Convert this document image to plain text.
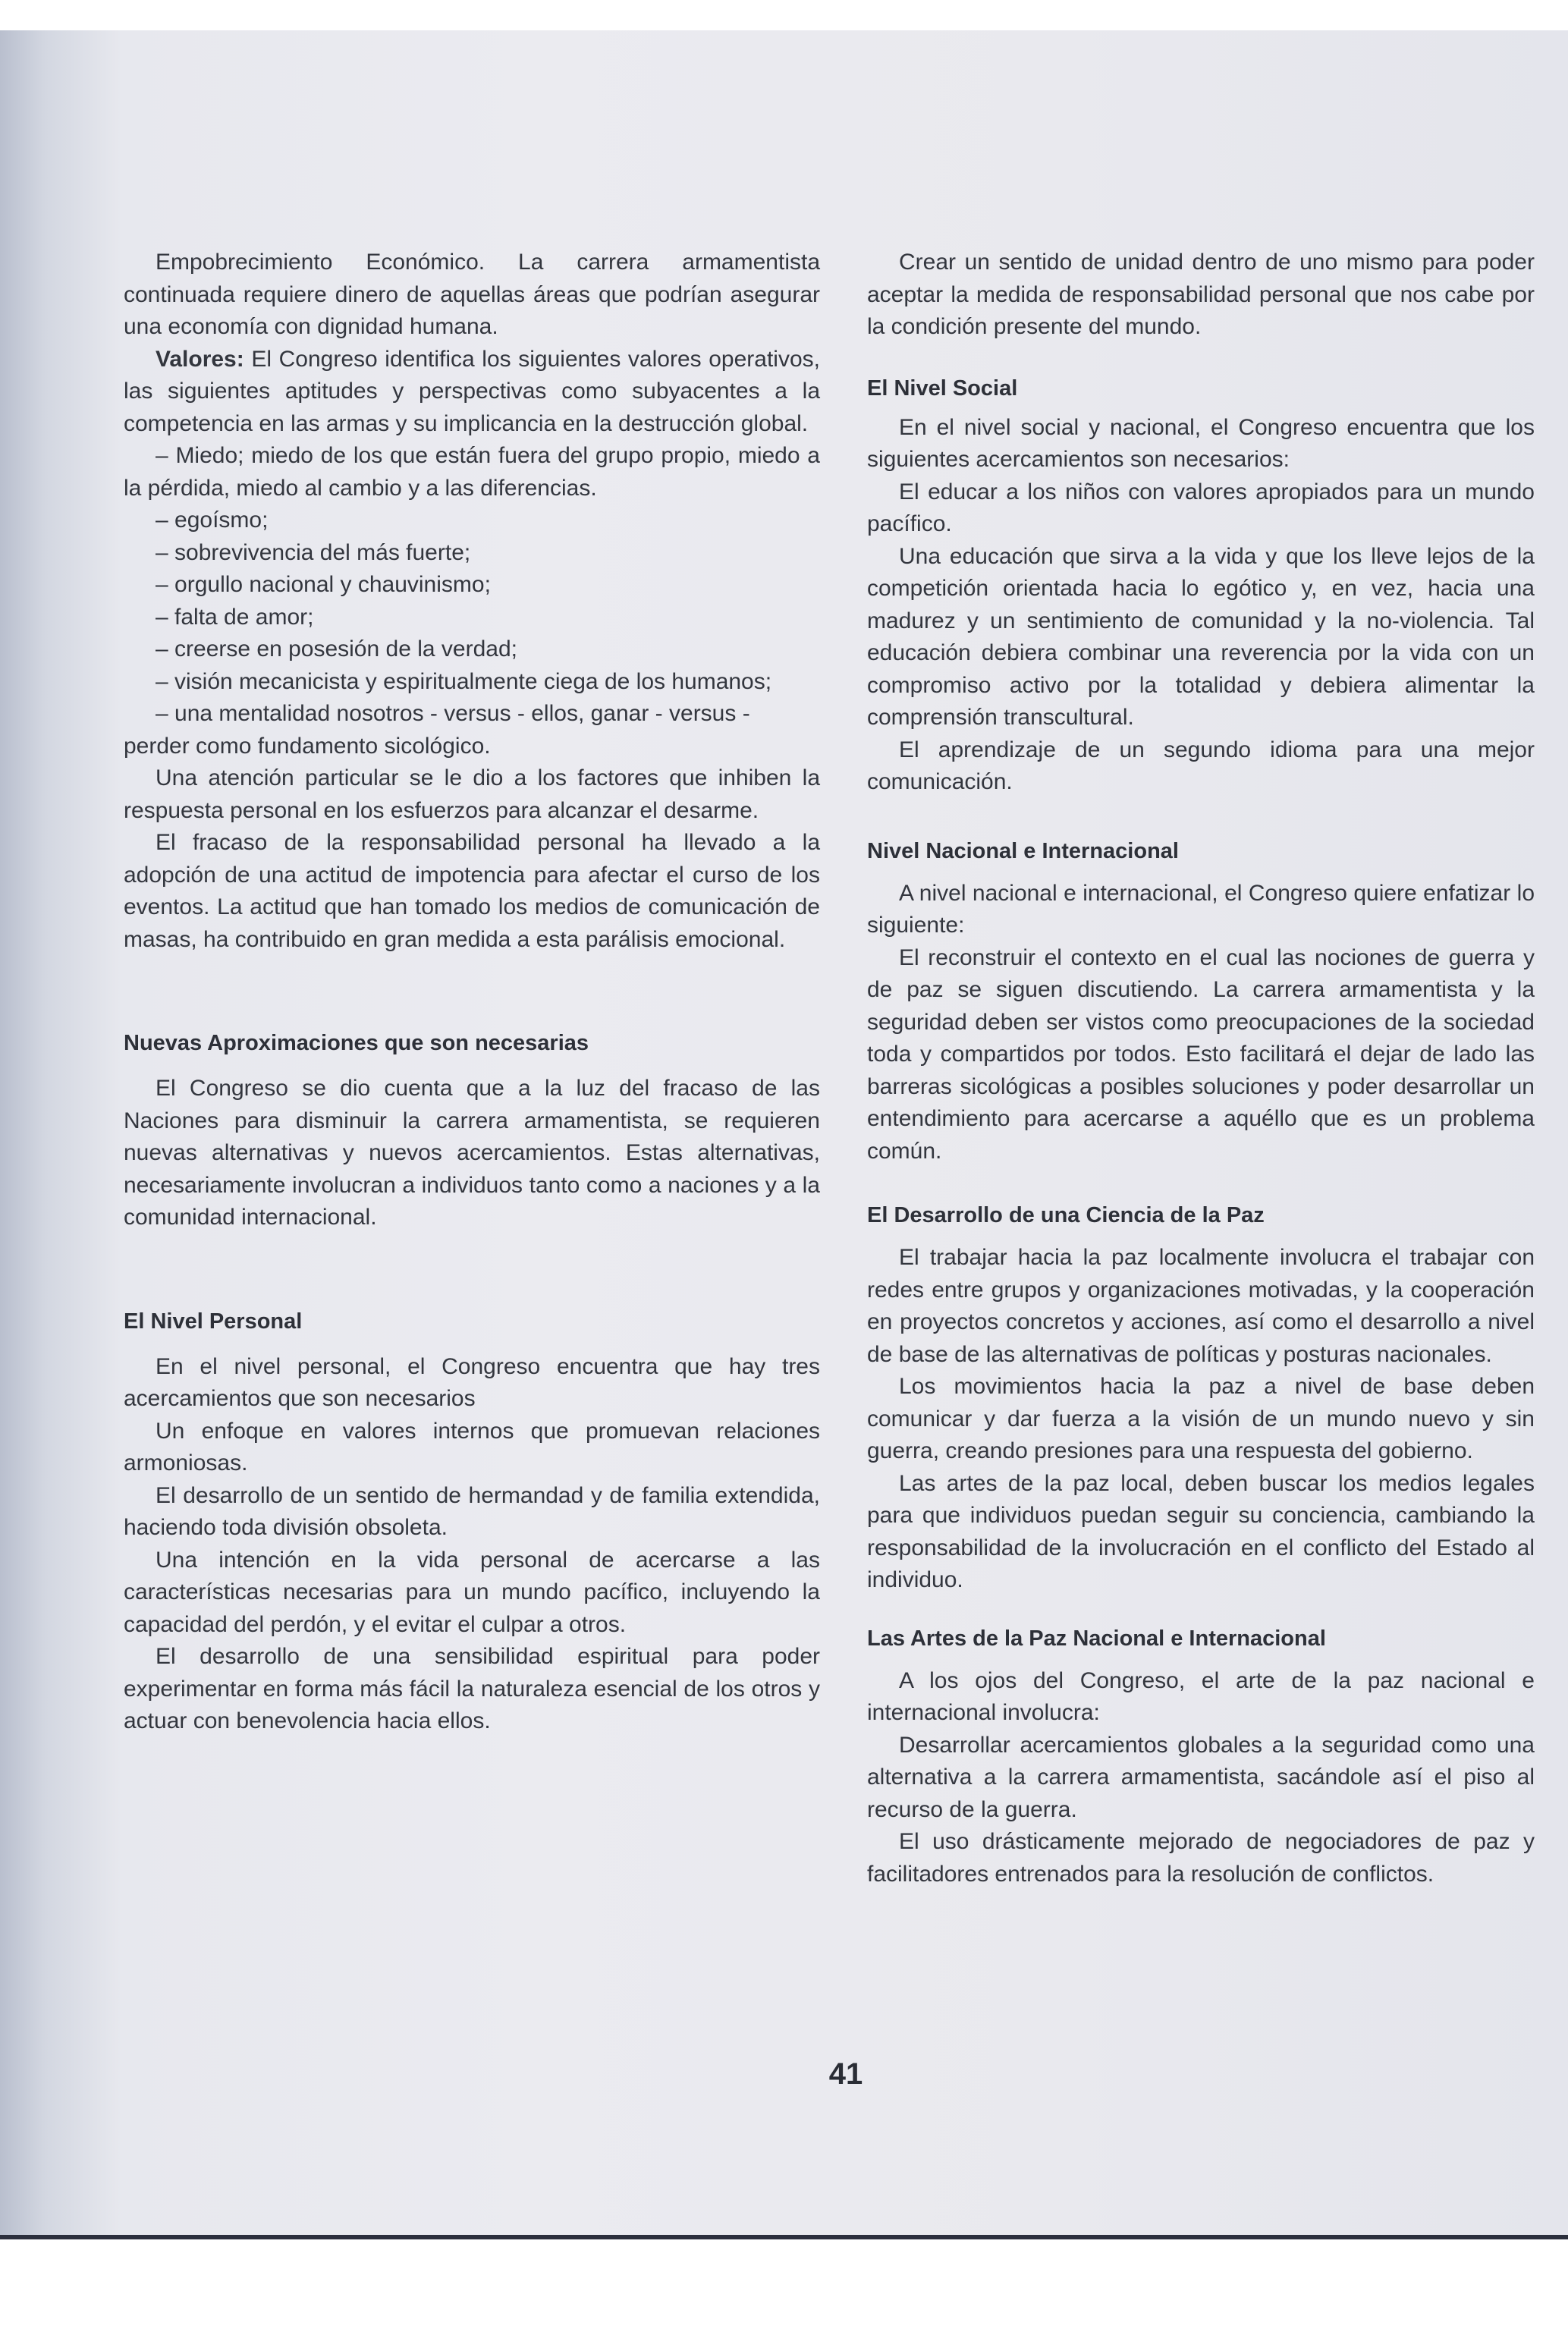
Empobrecimiento Económico. La carrera armamentista continuada requiere dinero de aquellas áreas que podrían asegurar una economía con dignidad humana.

Valores: El Congreso identifica los siguientes valores operativos, las siguientes aptitudes y perspectivas como subyacentes a la competencia en las armas y su implicancia en la destrucción global.

– Miedo; miedo de los que están fuera del grupo propio, miedo a la pérdida, miedo al cambio y a las diferencias.

– egoísmo;
– sobrevivencia del más fuerte;
– orgullo nacional y chauvinismo;
– falta de amor;
– creerse en posesión de la verdad;
– visión mecanicista y espiritualmente ciega de los humanos;
– una mentalidad nosotros - versus - ellos, ganar - versus - perder como fundamento sicológico.

Una atención particular se le dio a los factores que inhiben la respuesta personal en los esfuerzos para alcanzar el desarme.

El fracaso de la responsabilidad personal ha llevado a la adopción de una actitud de impotencia para afectar el curso de los eventos. La actitud que han tomado los medios de comunicación de masas, ha contribuido en gran medida a esta parálisis emocional.

Nuevas Aproximaciones que son necesarias

El Congreso se dio cuenta que a la luz del fracaso de las Naciones para disminuir la carrera armamentista, se requieren nuevas alternativas y nuevos acercamientos. Estas alternativas, necesariamente involucran a individuos tanto como a naciones y a la comunidad internacional.

El Nivel Personal

En el nivel personal, el Congreso encuentra que hay tres acercamientos que son necesarios

Un enfoque en valores internos que promuevan relaciones armoniosas.

El desarrollo de un sentido de hermandad y de familia extendida, haciendo toda división obsoleta.

Una intención en la vida personal de acercarse a las características necesarias para un mundo pacífico, incluyendo la capacidad del perdón, y el evitar el culpar a otros.

El desarrollo de una sensibilidad espiritual para poder experimentar en forma más fácil la naturaleza esencial de los otros y actuar con benevolencia hacia ellos.

Crear un sentido de unidad dentro de uno mismo para poder aceptar la medida de responsabilidad personal que nos cabe por la condición presente del mundo.

El Nivel Social

En el nivel social y nacional, el Congreso encuentra que los siguientes acercamientos son necesarios:

El educar a los niños con valores apropiados para un mundo pacífico.

Una educación que sirva a la vida y que los lleve lejos de la competición orientada hacia lo egótico y, en vez, hacia una madurez y un sentimiento de comunidad y la no-violencia. Tal educación debiera combinar una reverencia por la vida con un compromiso activo por la totalidad y debiera alimentar la comprensión transcultural.

El aprendizaje de un segundo idioma para una mejor comunicación.

Nivel Nacional e Internacional

A nivel nacional e internacional, el Congreso quiere enfatizar lo siguiente:

El reconstruir el contexto en el cual las nociones de guerra y de paz se siguen discutiendo. La carrera armamentista y la seguridad deben ser vistos como preocupaciones de la sociedad toda y compartidos por todos. Esto facilitará el dejar de lado las barreras sicológicas a posibles soluciones y poder desarrollar un entendimiento para acercarse a aquéllo que es un problema común.

El Desarrollo de una Ciencia de la Paz

El trabajar hacia la paz localmente involucra el trabajar con redes entre grupos y organizaciones motivadas, y la cooperación en proyectos concretos y acciones, así como el desarrollo a nivel de base de las alternativas de políticas y posturas nacionales.

Los movimientos hacia la paz a nivel de base deben comunicar y dar fuerza a la visión de un mundo nuevo y sin guerra, creando presiones para una respuesta del gobierno.

Las artes de la paz local, deben buscar los medios legales para que individuos puedan seguir su conciencia, cambiando la responsabilidad de la involucración en el conflicto del Estado al individuo.

Las Artes de la Paz Nacional e Internacional

A los ojos del Congreso, el arte de la paz nacional e internacional involucra:

Desarrollar acercamientos globales a la seguridad como una alternativa a la carrera armamentista, sacándole así el piso al recurso de la guerra.

El uso drásticamente mejorado de negociadores de paz y facilitadores entrenados para la resolución de conflictos.

41
